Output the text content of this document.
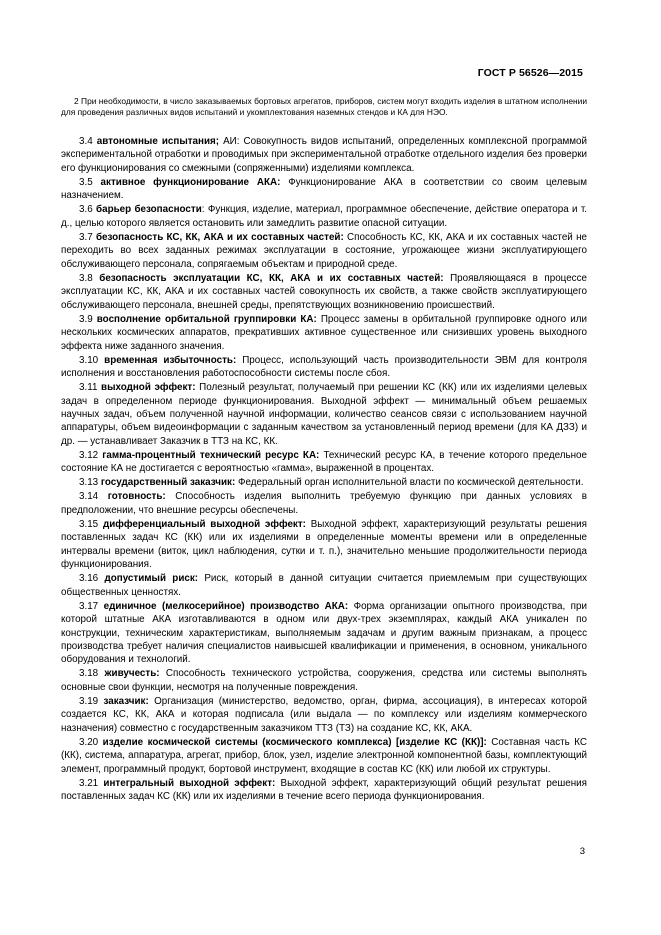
ГОСТ Р 56526—2015

2 При необходимости, в число заказываемых бортовых агрегатов, приборов, систем могут входить изделия в штатном исполнении для проведения различных видов испытаний и укомплектования наземных стендов и КА для НЭО.

3.4 автономные испытания; АИ: Совокупность видов испытаний, определенных комплексной программой экспериментальной отработки и проводимых при экспериментальной отработке отдельного изделия без проверки его функционирования со смежными (сопряженными) изделиями комплекса.

3.5 активное функционирование АКА: Функционирование АКА в соответствии со своим целевым назначением.

3.6 барьер безопасности: Функция, изделие, материал, программное обеспечение, действие оператора и т. д., целью которого является остановить или замедлить развитие опасной ситуации.

3.7 безопасность КС, КК, АКА и их составных частей: Способность КС, КК, АКА и их составных частей не переходить во всех заданных режимах эксплуатации в состояние, угрожающее жизни эксплуатирующего обслуживающего персонала, сопрягаемым объектам и природной среде.

3.8 безопасность эксплуатации КС, КК, АКА и их составных частей: Проявляющаяся в процессе эксплуатации КС, КК, АКА и их составных частей совокупность их свойств, а также свойств эксплуатирующего обслуживающего персонала, внешней среды, препятствующих возникновению происшествий.

3.9 восполнение орбитальной группировки КА: Процесс замены в орбитальной группировке одного или нескольких космических аппаратов, прекративших активное существенное или снизивших уровень выходного эффекта ниже заданного значения.

3.10 временная избыточность: Процесс, использующий часть производительности ЭВМ для контроля исполнения и восстановления работоспособности системы после сбоя.

3.11 выходной эффект: Полезный результат, получаемый при решении КС (КК) или их изделиями целевых задач в определенном периоде функционирования. Выходной эффект — минимальный объем решаемых научных задач, объем полученной научной информации, количество сеансов связи с использованием научной аппаратуры, объем видеоинформации с заданным качеством за установленный период времени (для КА ДЗЗ) и др. — устанавливает Заказчик в ТТЗ на КС, КК.

3.12 гамма-процентный технический ресурс КА: Технический ресурс КА, в течение которого предельное состояние КА не достигается с вероятностью «гамма», выраженной в процентах.

3.13 государственный заказчик: Федеральный орган исполнительной власти по космической деятельности.

3.14 готовность: Способность изделия выполнить требуемую функцию при данных условиях в предположении, что внешние ресурсы обеспечены.

3.15 дифференциальный выходной эффект: Выходной эффект, характеризующий результаты решения поставленных задач КС (КК) или их изделиями в определенные моменты времени или в определенные интервалы времени (виток, цикл наблюдения, сутки и т. п.), значительно меньшие продолжительности периода функционирования.

3.16 допустимый риск: Риск, который в данной ситуации считается приемлемым при существующих общественных ценностях.

3.17 единичное (мелкосерийное) производство АКА: Форма организации опытного производства, при которой штатные АКА изготавливаются в одном или двух-трех экземплярах, каждый АКА уникален по конструкции, техническим характеристикам, выполняемым задачам и другим важным признакам, а процесс производства требует наличия специалистов наивысшей квалификации и применения, в основном, уникального оборудования и технологий.

3.18 живучесть: Способность технического устройства, сооружения, средства или системы выполнять основные свои функции, несмотря на полученные повреждения.

3.19 заказчик: Организация (министерство, ведомство, орган, фирма, ассоциация), в интересах которой создается КС, КК, АКА и которая подписала (или выдала — по комплексу или изделиям коммерческого назначения) совместно с государственным заказчиком ТТЗ (ТЗ) на создание КС, КК, АКА.

3.20 изделие космической системы (космического комплекса) [изделие КС (КК)]: Составная часть КС (КК), система, аппаратура, агрегат, прибор, блок, узел, изделие электронной компонентной базы, комплектующий элемент, программный продукт, бортовой инструмент, входящие в состав КС (КК) или любой их структуры.

3.21 интегральный выходной эффект: Выходной эффект, характеризующий общий результат решения поставленных задач КС (КК) или их изделиями в течение всего периода функционирования.

3
